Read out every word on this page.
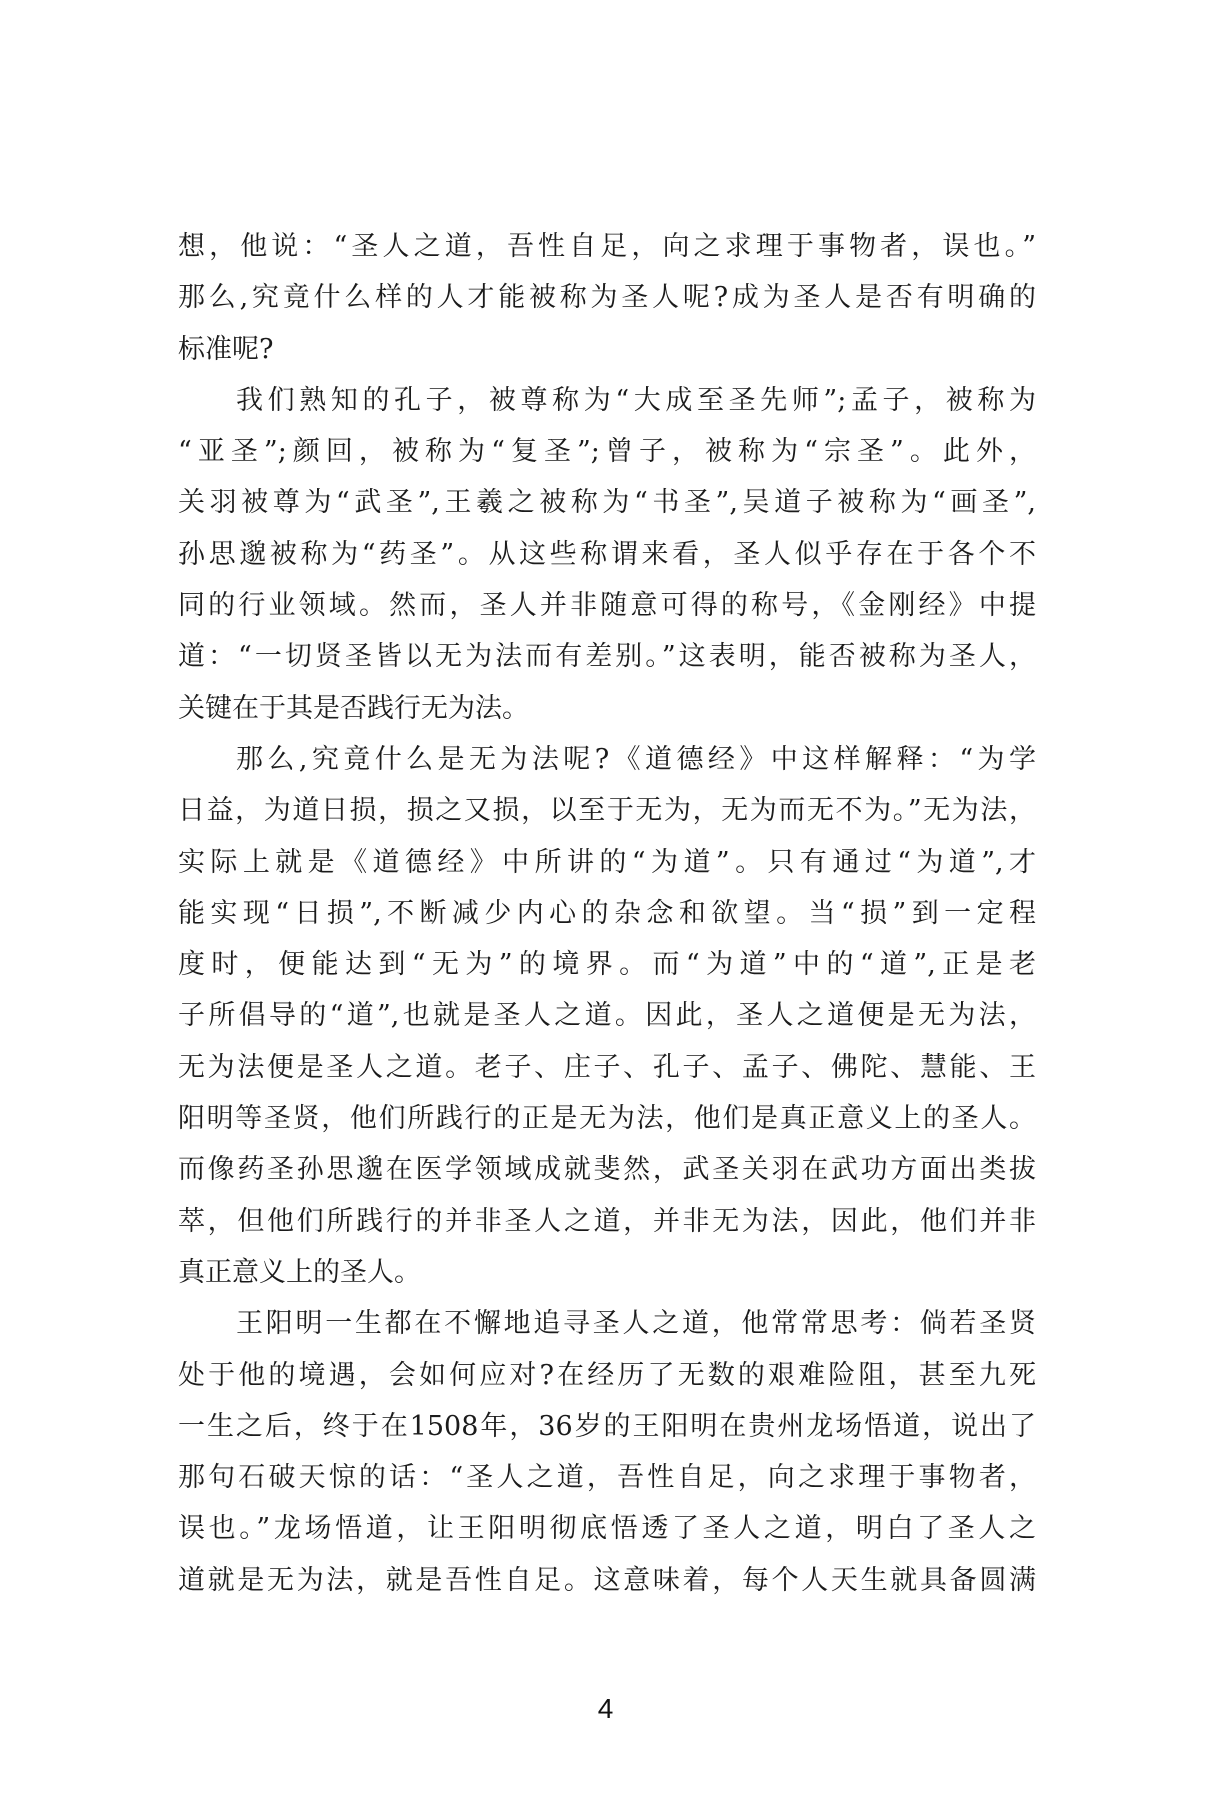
想，他说：“圣人之道，吾性自足，向之求理于事物者，误也。”
那么,究竟什么样的人才能被称为圣人呢?成为圣人是否有明确的
标准呢?
我们熟知的孔子，被尊称为“大成至圣先师”;孟子，被称为
“亚圣”;颜回，被称为“复圣”;曾子，被称为“宗圣”。此外，
关羽被尊为“武圣”,王羲之被称为“书圣”,吴道子被称为“画圣”,
孙思邈被称为“药圣”。从这些称谓来看，圣人似乎存在于各个不
同的行业领域。然而，圣人并非随意可得的称号，《金刚经》中提
道：“一切贤圣皆以无为法而有差别。”这表明，能否被称为圣人，
关键在于其是否践行无为法。
那么,究竟什么是无为法呢?《道德经》中这样解释：“为学
日益，为道日损，损之又损，以至于无为，无为而无不为。”无为法，
实际上就是《道德经》中所讲的“为道”。只有通过“为道”,才
能实现“日损”,不断减少内心的杂念和欲望。当“损”到一定程
度时，便能达到“无为”的境界。而“为道”中的“道”,正是老
子所倡导的“道”,也就是圣人之道。因此，圣人之道便是无为法，
无为法便是圣人之道。老子、庄子、孔子、孟子、佛陀、慧能、王
阳明等圣贤，他们所践行的正是无为法，他们是真正意义上的圣人。
而像药圣孙思邈在医学领域成就斐然，武圣关羽在武功方面出类拔
萃，但他们所践行的并非圣人之道，并非无为法，因此，他们并非
真正意义上的圣人。
王阳明一生都在不懈地追寻圣人之道，他常常思考：倘若圣贤
处于他的境遇，会如何应对?在经历了无数的艰难险阻，甚至九死
一生之后，终于在1508年，36岁的王阳明在贵州龙场悟道，说出了
那句石破天惊的话：“圣人之道，吾性自足，向之求理于事物者，
误也。”龙场悟道，让王阳明彻底悟透了圣人之道，明白了圣人之
道就是无为法，就是吾性自足。这意味着，每个人天生就具备圆满
4
